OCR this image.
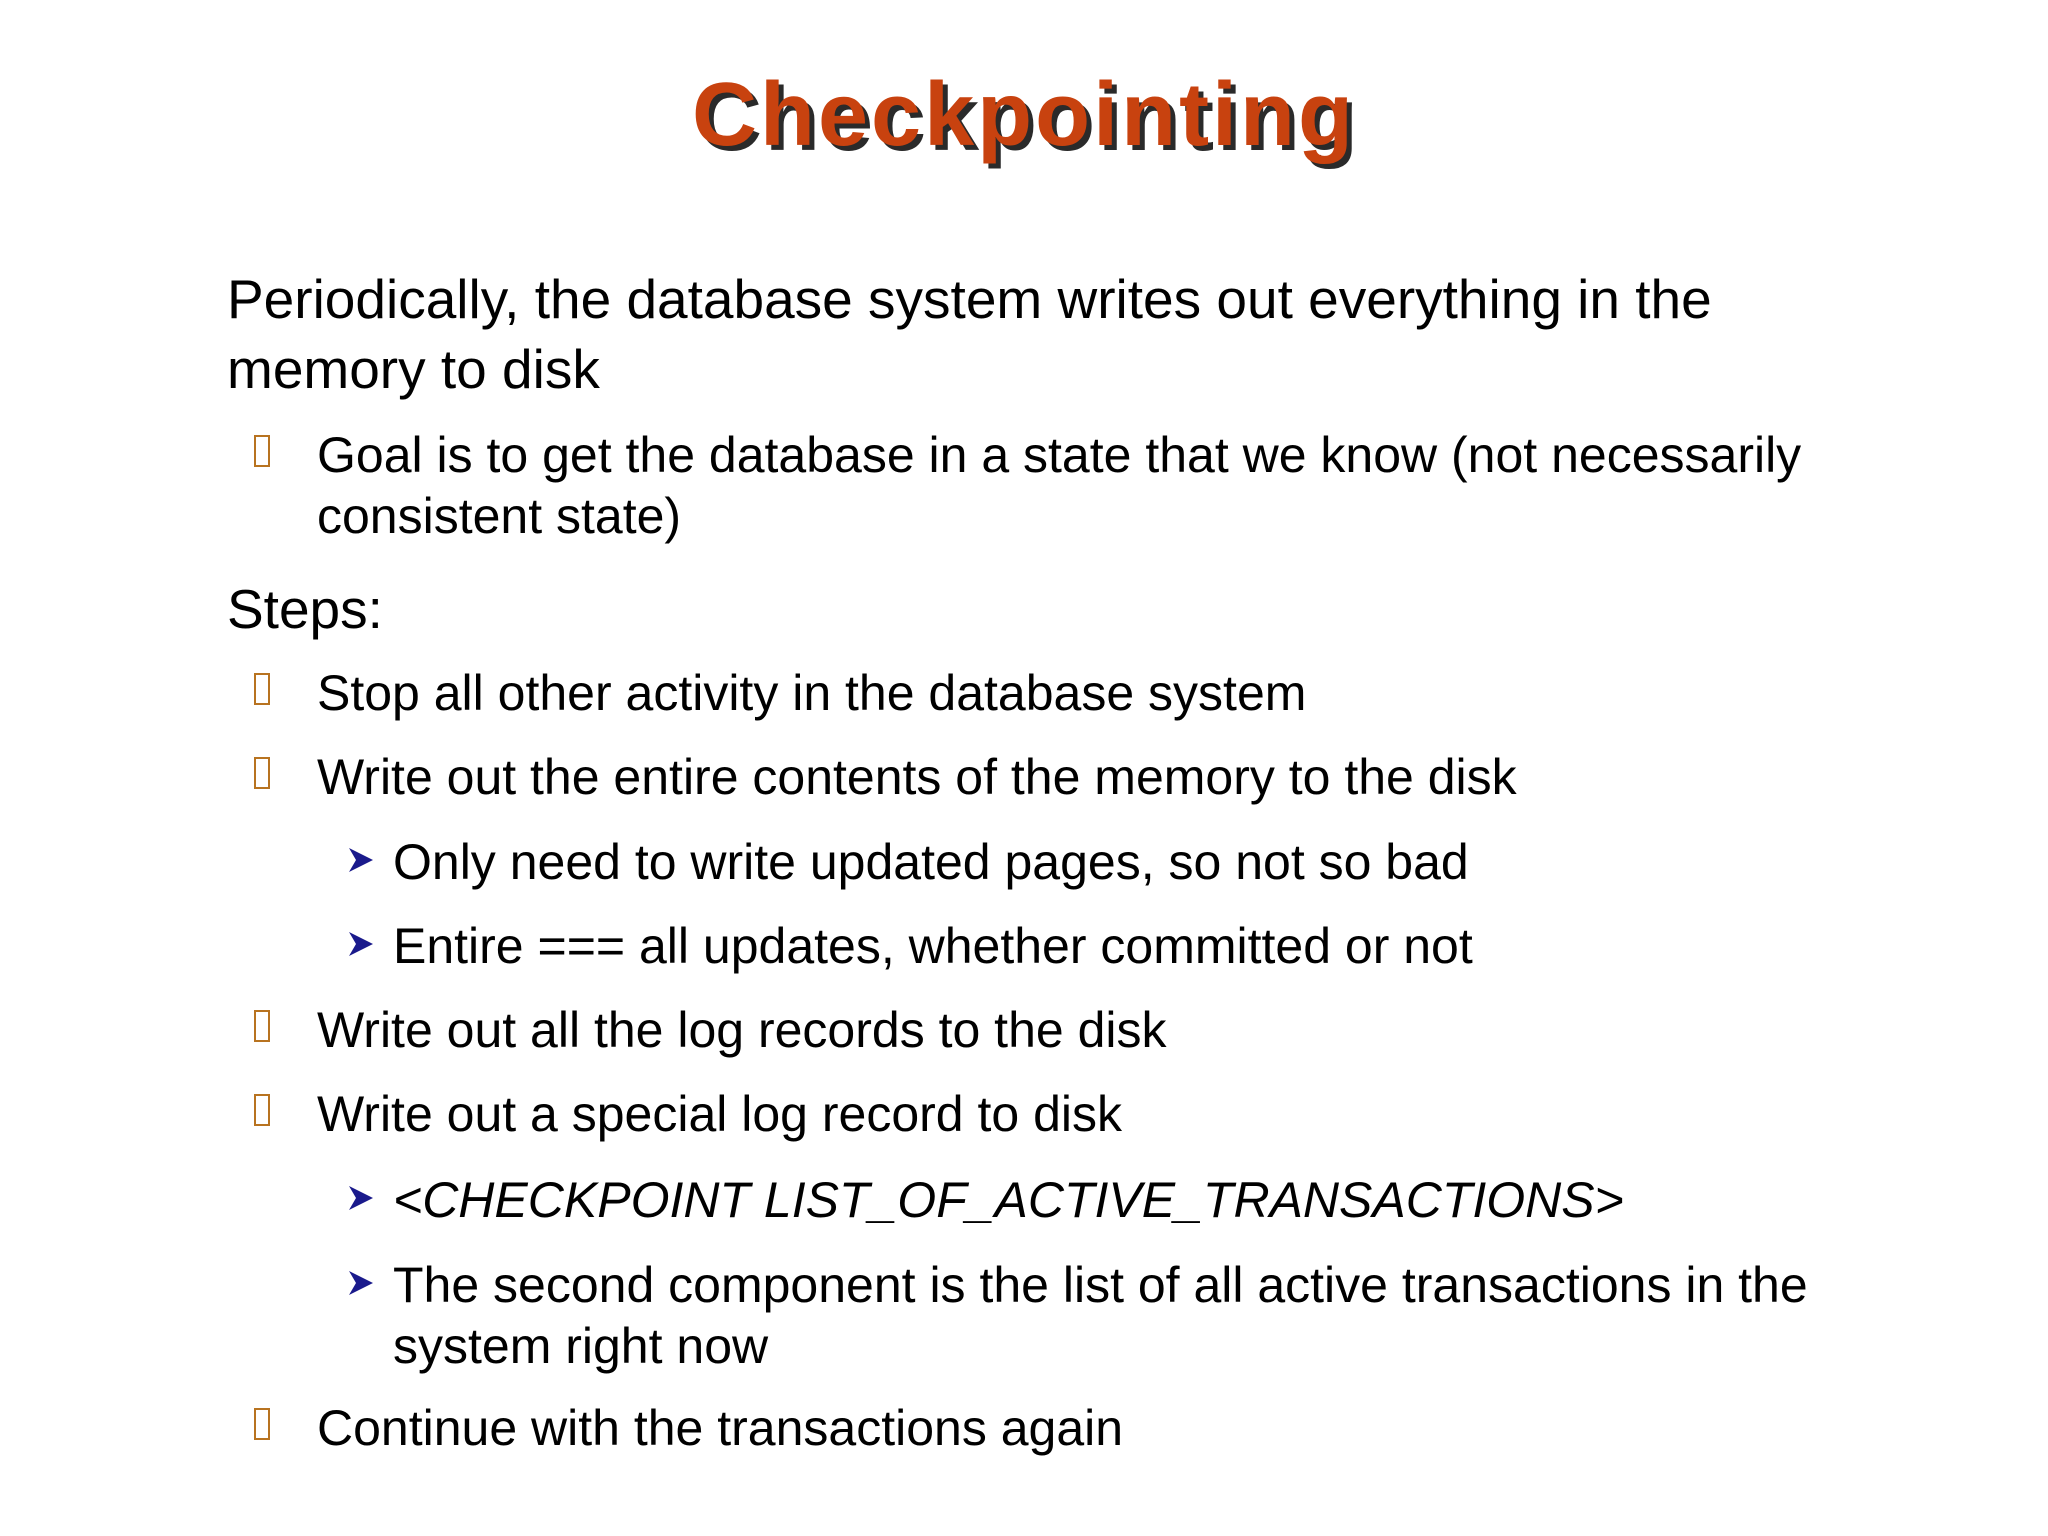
Checkpointing
Periodically, the database system writes out everything in the memory to disk
Goal is to get the database in a state that we know (not necessarily consistent state)
Steps:
Stop all other activity in the database system
Write out the entire contents of the memory to the disk
Only need to write updated pages, so not so bad
Entire === all updates, whether committed or not
Write out all the log records to the disk
Write out a special log record to disk
<CHECKPOINT LIST_OF_ACTIVE_TRANSACTIONS>
The second component is the list of all active transactions in the system right now
Continue with the transactions again
